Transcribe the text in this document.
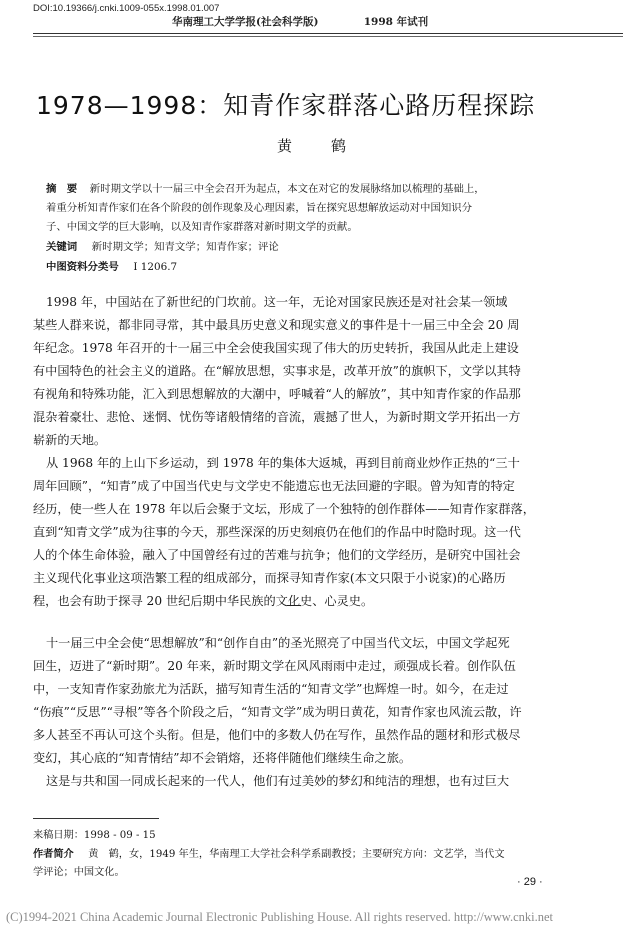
DOI:10.19366/j.cnki.1009-055x.1998.01.007
华南理工大学学报(社会科学版)	1998 年试刊
1978—1998：知青作家群落心路历程探踪
黄　鹤
摘　要 新时期文学以十一届三中全会召开为起点，本文在对它的发展脉络加以梳理的基础上，
着重分析知青作家们在各个阶段的创作现象及心理因素，旨在探究思想解放运动对中国知识分
子、中国文学的巨大影响，以及知青作家群落对新时期文学的贡献。
关键词 新时期文学；知青文学；知青作家；评论
中图资料分类号 I 1206.7
1998 年，中国站在了新世纪的门坎前。这一年，无论对国家民族还是对社会某一领域
某些人群来说，都非同寻常，其中最具历史意义和现实意义的事件是十一届三中全会 20 周
年纪念。1978 年召开的十一届三中全会使我国实现了伟大的历史转折，我国从此走上建设
有中国特色的社会主义的道路。在“解放思想，实事求是，改革开放”的旗帜下，文学以其特
有视角和特殊功能，汇入到思想解放的大潮中，呼喊着“人的解放”，其中知青作家的作品那
混杂着豪壮、悲怆、迷惘、忧伤等诸般情绪的音流，震撼了世人，为新时期文学开拓出一方
崭新的天地。
从 1968 年的上山下乡运动，到 1978 年的集体大返城，再到目前商业炒作正热的“三十
周年回顾”，“知青”成了中国当代史与文学史不能遗忘也无法回避的字眼。曾为知青的特定
经历，使一些人在 1978 年以后会聚于文坛，形成了一个独特的创作群体——知青作家群落，
直到“知青文学”成为往事的今天，那些深深的历史刻痕仍在他们的作品中时隐时现。这一代
人的个体生命体验，融入了中国曾经有过的苦难与抗争；他们的文学经历，是研究中国社会
主义现代化事业这项浩繁工程的组成部分，而探寻知青作家(本文只限于小说家)的心路历
程，也会有助于探寻 20 世纪后期中华民族的文化史、心灵史。
十一届三中全会使“思想解放”和“创作自由”的圣光照亮了中国当代文坛，中国文学起死
回生，迈进了“新时期”。20 年来，新时期文学在风风雨雨中走过，顽强成长着。创作队伍
中，一支知青作家劲旅尤为活跃，描写知青生活的“知青文学”也辉煌一时。如今，在走过
“伤痕”“反思”“寻根”等各个阶段之后，“知青文学”成为明日黄花，知青作家也风流云散，许
多人甚至不再认可这个头衔。但是，他们中的多数人仍在写作，虽然作品的题材和形式极尽
变幻，其心底的“知青情结”却不会销熔，还将伴随他们继续生命之旅。
这是与共和国一同成长起来的一代人，他们有过美妙的梦幻和纯洁的理想，也有过巨大
来稿日期：1998 - 09 - 15
作者简介 黄　鹤，女，1949 年生，华南理工大学社会科学系副教授；主要研究方向：文艺学，当代文
学评论；中国文化。
· 29 ·
(C)1994-2021 China Academic Journal Electronic Publishing House. All rights reserved. http://www.cnki.net
